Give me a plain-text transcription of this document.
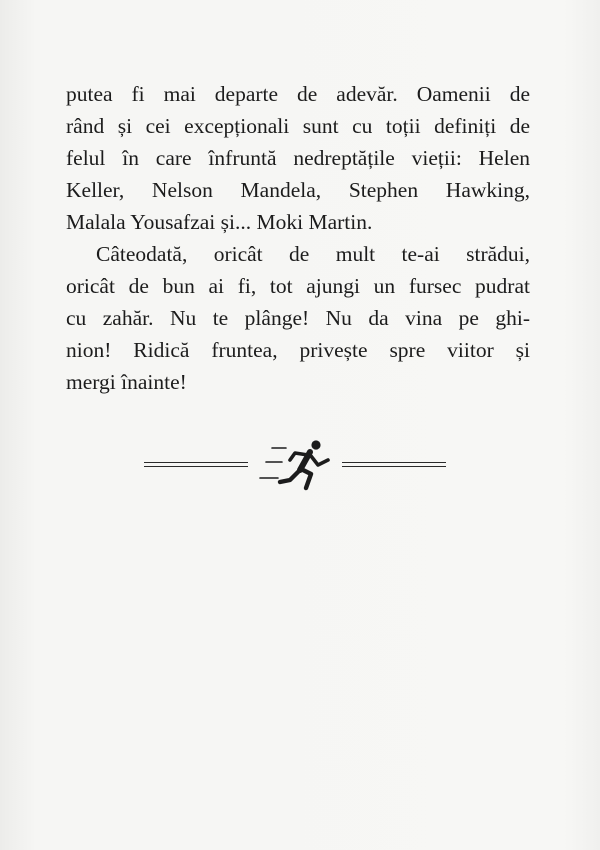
putea fi mai departe de adevăr. Oamenii de
rând și cei excepționali sunt cu toții definiți de
felul în care înfruntă nedreptățile vieții: Helen
Keller, Nelson Mandela, Stephen Hawking,
Malala Yousafzai și... Moki Martin.
Câteodată, oricât de mult te-ai strădui,
oricât de bun ai fi, tot ajungi un fursec pudrat
cu zahăr. Nu te plânge! Nu da vina pe ghi-
nion! Ridică fruntea, privește spre viitor și
mergi înainte!
